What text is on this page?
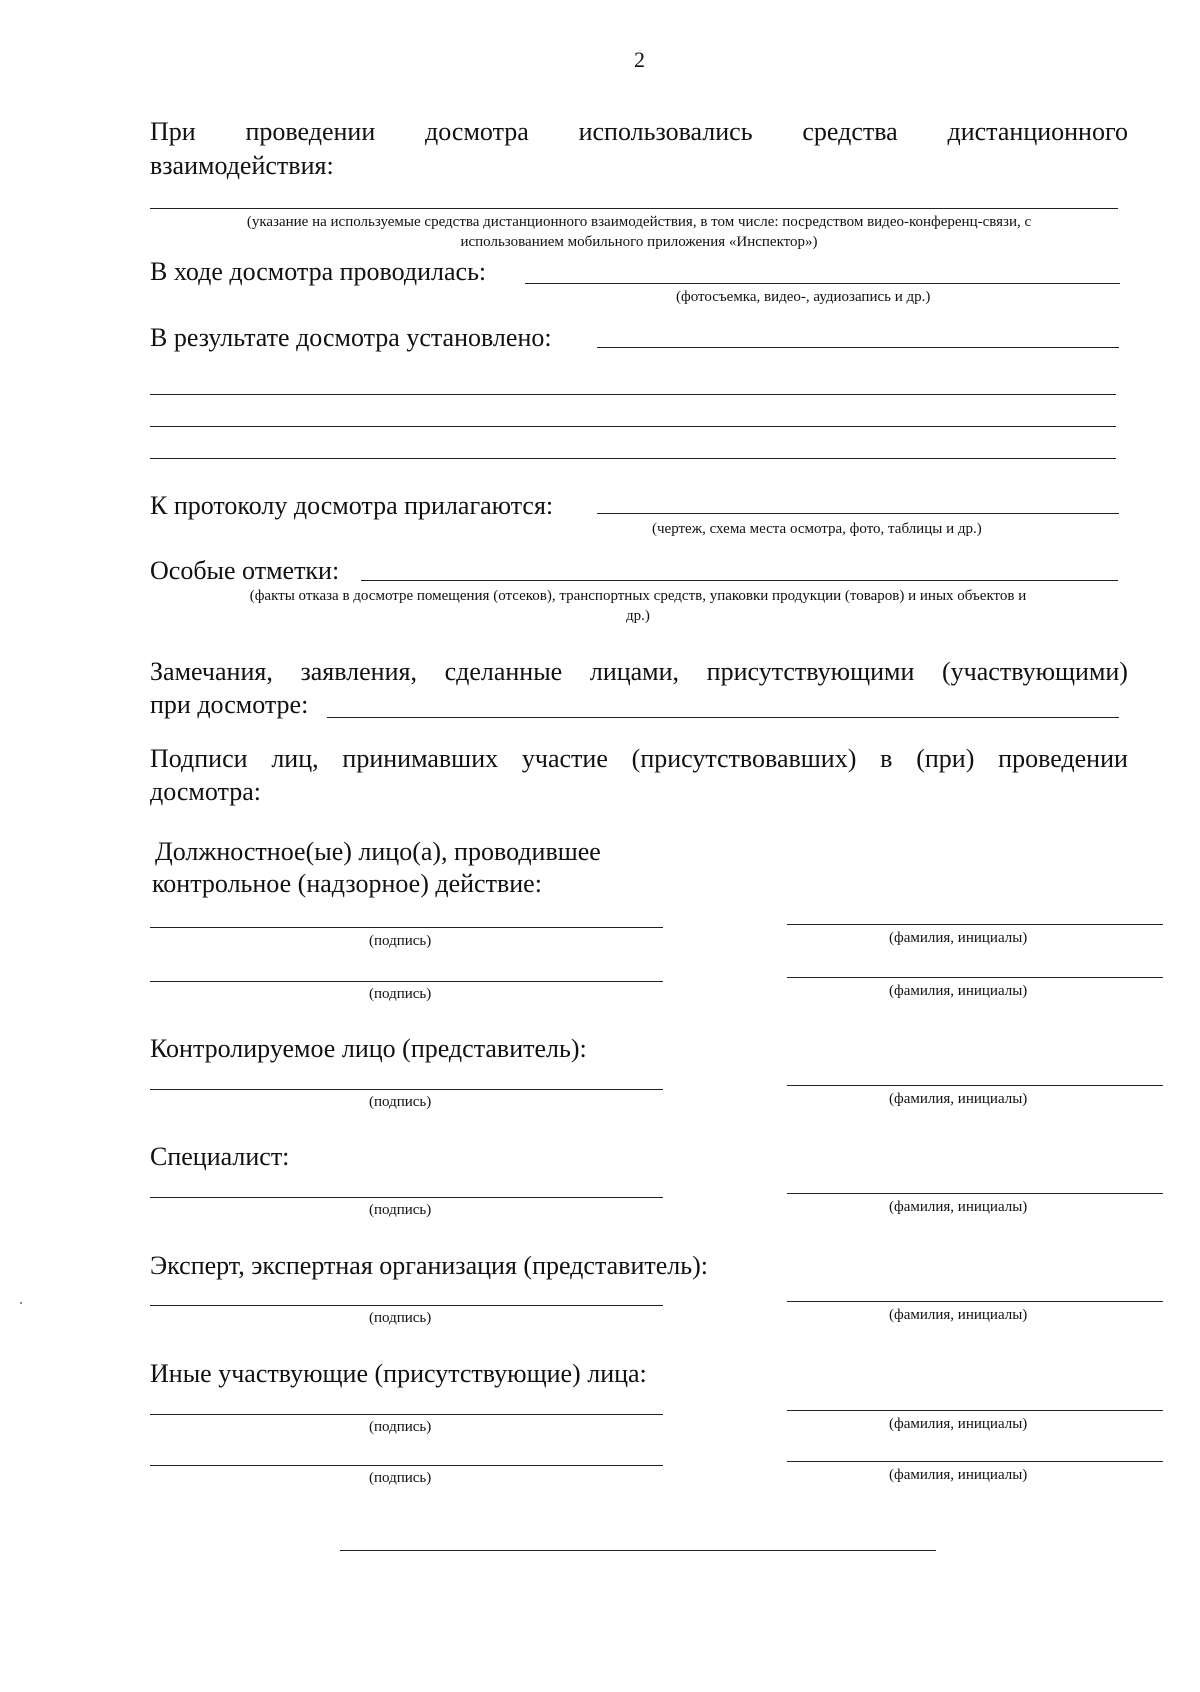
2
При проведении досмотра использовались средства дистанционного
взаимодействия:
(указание на используемые средства дистанционного взаимодействия, в том числе: посредством видео-конференц-связи, с
использованием мобильного приложения «Инспектор»)
В ходе досмотра проводилась:
(фотосъемка, видео-, аудиозапись и др.)
В результате досмотра установлено:
К протоколу досмотра прилагаются:
(чертеж, схема места осмотра, фото, таблицы и др.)
Особые отметки:
(факты отказа в досмотре помещения (отсеков), транспортных средств, упаковки продукции (товаров) и иных объектов и
др.)
Замечания, заявления, сделанные лицами, присутствующими (участвующими)
при досмотре:
Подписи лиц, принимавших участие (присутствовавших) в (при) проведении
досмотра:
Должностное(ые) лицо(а), проводившее
контрольное (надзорное) действие:
(подпись)	(фамилия, инициалы)
(подпись)	(фамилия, инициалы)
Контролируемое лицо (представитель):
(подпись)	(фамилия, инициалы)
Специалист:
(подпись)	(фамилия, инициалы)
Эксперт, экспертная организация (представитель):
(подпись)	(фамилия, инициалы)
Иные участвующие (присутствующие) лица:
(подпись)	(фамилия, инициалы)
(подпись)	(фамилия, инициалы)
